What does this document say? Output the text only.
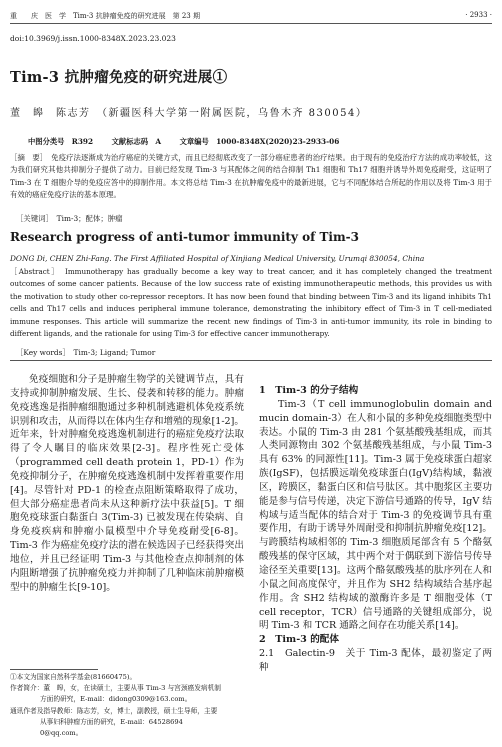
重　　庆　医　学　Tim-3 抗肿瘤免疫的研究进展　第 23 期	· 2933 ·
doi:10.3969/j.issn.1000-8348X.2023.23.023
Tim-3 抗肿瘤免疫的研究进展①
董　皞　陈志芳　（新疆医科大学第一附属医院，乌鲁木齐 830054）
中图分类号　R392	文献标志码　A	文章编号　1000-8348X(2020)23-2933-06
［摘　要］　免疫疗法逐渐成为治疗癌症的关键方式，而且已经彻底改变了一部分癌症患者的治疗结果。由于现有的免疫治疗方法的成功率较低，这为我们研究其他共抑制分子提供了动力。目前已经发现 Tim-3 与其配体之间的结合抑制 Th1 细胞和 Th17 细胞并诱导外周免疫耐受，这证明了 Tim-3 在 T 细胞介导的免疫应答中的抑制作用。本文将总结 Tim-3 在抗肿瘤免疫中的最新进展，它与不同配体结合所起的作用以及将 Tim-3 用于有效的癌症免疫疗法的基本原理。
［关键词］　Tim-3；配体；肿瘤
Research progress of anti-tumor immunity of Tim-3
DONG Di, CHEN Zhi-Fang. The First Affiliated Hospital of Xinjiang Medical University, Urumqi 830054, China
［Abstract］　Immunotherapy has gradually become a key way to treat cancer, and it has completely changed the treatment outcomes of some cancer patients. Because of the low success rate of existing immunotherapeutic methods, this provides us with the motivation to study other co-repressor receptors. It has now been found that binding between Tim-3 and its ligand inhibits Th1 cells and Th17 cells and induces peripheral immune tolerance, demonstrating the inhibitory effect of Tim-3 in T cell-mediated immune responses. This article will summarize the recent new findings of Tim-3 in anti-tumor immunity, its role in binding to different ligands, and the rationale for using Tim-3 for effective cancer immunotherapy.
［Key words］　Tim-3; Ligand; Tumor
免疫细胞和分子是肿瘤生物学的关键调节点，具有支持或抑制肿瘤发展、生长、侵袭和转移的能力。肿瘤免疫逃逸是指肿瘤细胞通过多种机制逃避机体免疫系统识别和攻击，从而得以在体内生存和增殖的现象[1-2]。近年来，针对肿瘤免疫逃逸机制进行的癌症免疫疗法取得了令人瞩目的临床效果[2-3]。程序性死亡受体（programmed cell death protein 1，PD-1）作为免疫抑制分子，在肿瘤免疫逃逸机制中发挥着重要作用[4]。尽管针对 PD-1 的检查点阻断策略取得了成功，但大部分癌症患者尚未从这种新疗法中获益[5]。T 细胞免疫球蛋白黏蛋白 3(Tim-3) 已被发现在传染病、自身免疫疾病和肿瘤小鼠模型中介导免疫耐受[6-8]。Tim-3 作为癌症免疫疗法的潜在候选因子已经获得突出地位，并且已经证明 Tim-3 与其他检查点抑制剂的体内阻断增强了抗肿瘤免疫力并抑制了几种临床前肿瘤模型中的肿瘤生长[9-10]。

1　Tim-3 的分子结构

Tim-3（T cell immunoglobulin domain and mucin domain-3）在人和小鼠的多种免疫细胞类型中表达。小鼠的 Tim-3 由 281 个氨基酸残基组成，而其人类同源物由 302 个氨基酸残基组成，与小鼠 Tim-3 具有 63% 的同源性[11]。Tim-3 属于免疫球蛋白超家族(IgSF)，包括膜远端免疫球蛋白(IgV)结构域，黏液区，跨膜区，黏蛋白区和信号肽区。其中胞浆区主要功能是参与信号传递，决定下游信号通路的传导，IgV 结构域与适当配体的结合对于 Tim-3 的免疫调节具有重要作用，有助于诱导外周耐受和抑制抗肿瘤免疫[12]。与跨膜结构域相邻的 Tim-3 细胞质尾部含有 5 个酪氨酸残基的保守区域，其中两个对于偶联到下游信号传导途径至关重要[13]。这两个酪氨酸残基的肽序列在人和小鼠之间高度保守，并且作为 SH2 结构域结合基序起作用。含 SH2 结构域的激酶许多是 T 细胞受体（T cell receptor，TCR）信号通路的关键组成部分，说明 Tim-3 和 TCR 通路之间存在功能关系[14]。

2　Tim-3 的配体

2.1　Galectin-9　关于 Tim-3 配体，最初鉴定了两种

①本文为国家自然科学基金(81660475)。
作者简介：董　皞，女，在读硕士，主要从事 Tim-3 与宫颈癌发病机制
方面的研究，E-mail：didong0309@163.com。
通讯作者及指导教师：陈志芳，女，博士，副教授，硕士生导师，主要
从事妇科肿瘤方面的研究，E-mail：64528694
0@qq.com。
